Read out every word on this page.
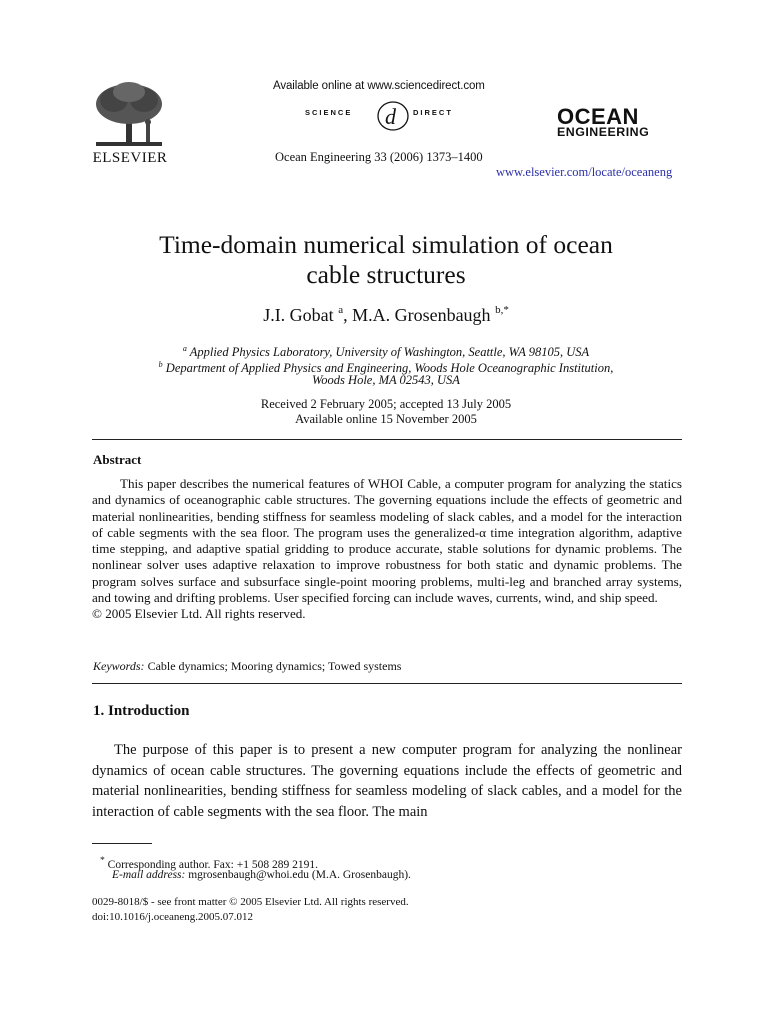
ELSEVIER
Available online at www.sciencedirect.com
SCIENCE d DIRECT
Ocean Engineering 33 (2006) 1373–1400
OCEAN
ENGINEERING
www.elsevier.com/locate/oceaneng
Time-domain numerical simulation of ocean
cable structures
J.I. Gobat $^a$, M.A. Grosenbaugh $^{b,*}$
$^a$ Applied Physics Laboratory, University of Washington, Seattle, WA 98105, USA
$^b$ Department of Applied Physics and Engineering, Woods Hole Oceanographic Institution,
Woods Hole, MA 02543, USA
Received 2 February 2005; accepted 13 July 2005
Available online 15 November 2005
Abstract

This paper describes the numerical features of WHOI Cable, a computer program for analyzing the statics and dynamics of oceanographic cable structures. The governing equations include the effects of geometric and material nonlinearities, bending stiffness for seamless modeling of slack cables, and a model for the interaction of cable segments with the sea floor. The program uses the generalized-α time integration algorithm, adaptive time stepping, and adaptive spatial gridding to produce accurate, stable solutions for dynamic problems. The nonlinear solver uses adaptive relaxation to improve robustness for both static and dynamic problems. The program solves surface and subsurface single-point mooring problems, multi-leg and branched array systems, and towing and drifting problems. User specified forcing can include waves, currents, wind, and ship speed.

© 2005 Elsevier Ltd. All rights reserved.

Keywords: Cable dynamics; Mooring dynamics; Towed systems
1. Introduction

The purpose of this paper is to present a new computer program for analyzing the nonlinear dynamics of ocean cable structures. The governing equations include the effects of geometric and material nonlinearities, bending stiffness for seamless modeling of slack cables, and a model for the interaction of cable segments with the sea floor. The main

* Corresponding author. Fax: +1 508 289 2191.
E-mail address: mgrosenbaugh@whoi.edu (M.A. Grosenbaugh).
0029-8018/$ - see front matter © 2005 Elsevier Ltd. All rights reserved.
doi:10.1016/j.oceaneng.2005.07.012
